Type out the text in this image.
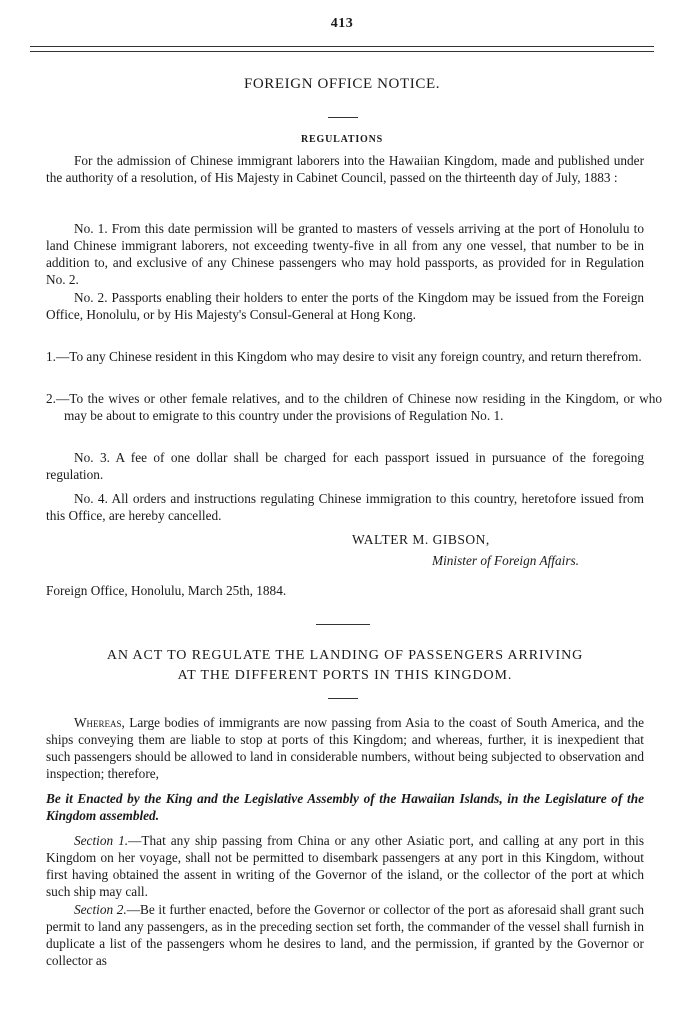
413
FOREIGN OFFICE NOTICE.
REGULATIONS

For the admission of Chinese immigrant laborers into the Hawaiian Kingdom, made and published under the authority of a resolution, of His Majesty in Cabinet Council, passed on the thirteenth day of July, 1883 :

No. 1. From this date permission will be granted to masters of vessels arriving at the port of Honolulu to land Chinese immigrant laborers, not exceeding twenty-five in all from any one vessel, that number to be in addition to, and exclusive of any Chinese passengers who may hold passports, as provided for in Regulation No. 2.

No. 2. Passports enabling their holders to enter the ports of the Kingdom may be issued from the Foreign Office, Honolulu, or by His Majesty's Consul-General at Hong Kong.

1.—To any Chinese resident in this Kingdom who may desire to visit any foreign country, and return therefrom.

2.—To the wives or other female relatives, and to the children of Chinese now residing in the Kingdom, or who may be about to emigrate to this country under the provisions of Regulation No. 1.

No. 3. A fee of one dollar shall be charged for each passport issued in pursuance of the foregoing regulation.

No. 4. All orders and instructions regulating Chinese immigration to this country, heretofore issued from this Office, are hereby cancelled.

WALTER M. GIBSON,
Minister of Foreign Affairs.
Foreign Office, Honolulu, March 25th, 1884.
AN ACT TO REGULATE THE LANDING OF PASSENGERS ARRIVING
AT THE DIFFERENT PORTS IN THIS KINGDOM.

Whereas, Large bodies of immigrants are now passing from Asia to the coast of South America, and the ships conveying them are liable to stop at ports of this Kingdom; and whereas, further, it is inexpedient that such passengers should be allowed to land in considerable numbers, without being subjected to observation and inspection; therefore,

Be it Enacted by the King and the Legislative Assembly of the Hawaiian Islands, in the Legislature of the Kingdom assembled.

Section 1.—That any ship passing from China or any other Asiatic port, and calling at any port in this Kingdom on her voyage, shall not be permitted to disembark passengers at any port in this Kingdom, without first having obtained the assent in writing of the Governor of the island, or the collector of the port at which such ship may call.

Section 2.—Be it further enacted, before the Governor or collector of the port as aforesaid shall grant such permit to land any passengers, as in the preceding section set forth, the commander of the vessel shall furnish in duplicate a list of the passengers whom he desires to land, and the permission, if granted by the Governor or collector as
